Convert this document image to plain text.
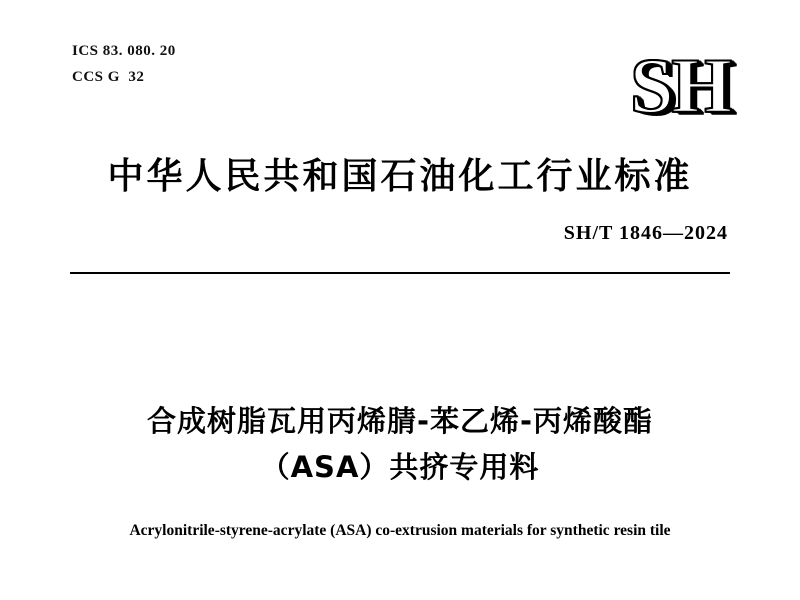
ICS 83. 080. 20
CCS G  32	SH
中华人民共和国石油化工行业标准
SH/T 1846—2024
合成树脂瓦用丙烯腈-苯乙烯-丙烯酸酯
（ASA）共挤专用料
Acrylonitrile-styrene-acrylate (ASA) co-extrusion materials for synthetic resin tile
